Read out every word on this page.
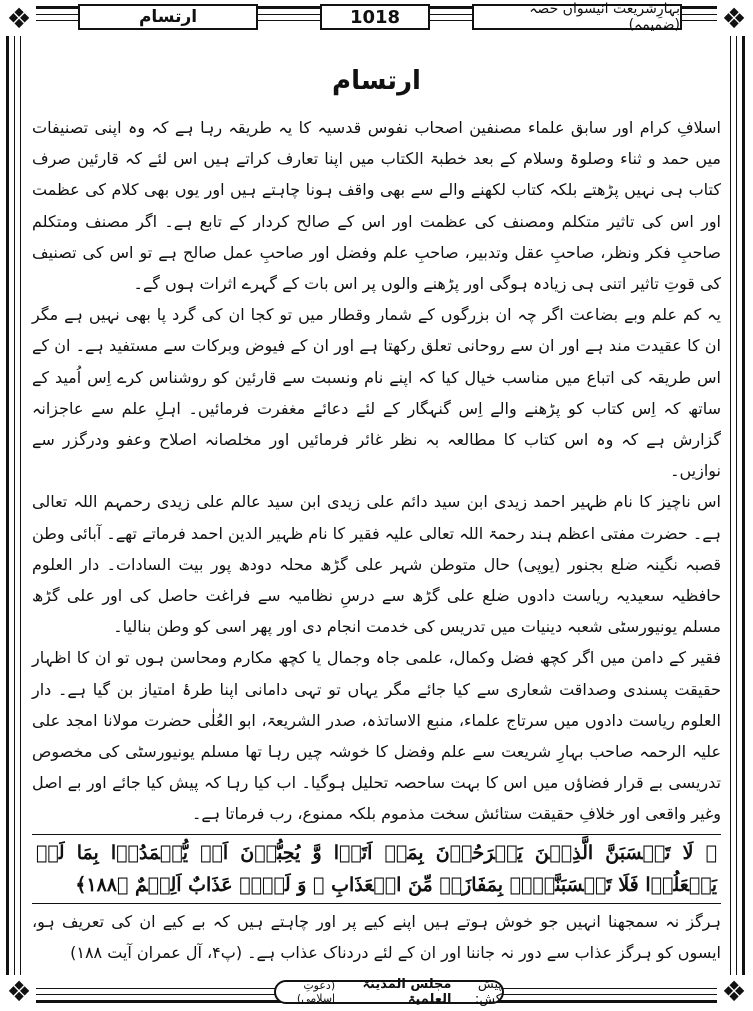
❖	❖
❖	❖
ارتسام	1018	بہارِشریعت انیسواں حصہ (ضمیمہ)
ارتسام

اسلافِ کرام اور سابق علماء مصنفین اصحاب نفوس قدسیہ کا یہ طریقہ رہا ہے کہ وہ اپنی تصنیفات میں حمد و ثناء وصلوۃ وسلام کے بعد خطبۃ الکتاب میں اپنا تعارف کراتے ہیں اس لئے کہ قارئین صرف کتاب ہی نہیں پڑھتے بلکہ کتاب لکھنے والے سے بھی واقف ہونا چاہتے ہیں اور یوں بھی کلام کی عظمت اور اس کی تاثیر متکلم ومصنف کی عظمت اور اس کے صالح کردار کے تابع ہے۔ اگر مصنف ومتکلم صاحبِ فکر ونظر، صاحبِ عقل وتدبیر، صاحبِ علم وفضل اور صاحبِ عمل صالح ہے تو اس کی تصنیف کی قوتِ تاثیر اتنی ہی زیادہ ہوگی اور پڑھنے والوں پر اس بات کے گہرے اثرات ہوں گے۔

یہ کم علم وبے بضاعت اگر چہ ان بزرگوں کے شمار وقطار میں تو کجا ان کی گرد پا بھی نہیں ہے مگر ان کا عقیدت مند ہے اور ان سے روحانی تعلق رکھتا ہے اور ان کے فیوض وبرکات سے مستفید ہے۔ ان کے اس طریقہ کی اتباع میں مناسب خیال کیا کہ اپنے نام ونسبت سے قارئین کو روشناس کرے اِس اُمید کے ساتھ کہ اِس کتاب کو پڑھنے والے اِس گنہگار کے لئے دعائے مغفرت فرمائیں۔ اہلِ علم سے عاجزانہ گزارش ہے کہ وہ اس کتاب کا مطالعہ بہ نظر غائر فرمائیں اور مخلصانہ اصلاح وعفو ودرگزر سے نوازیں۔

اس ناچیز کا نام ظہیر احمد زیدی ابن سید دائم علی زیدی ابن سید عالم علی زیدی رحمہم اللہ تعالی ہے۔ حضرت مفتی اعظم ہند رحمۃ اللہ تعالی علیہ فقیر کا نام ظہیر الدین احمد فرماتے تھے۔ آبائی وطن قصبہ نگینہ ضلع بجنور (یوپی) حال متوطن شہر علی گڑھ محلہ دودھ پور بیت السادات۔ دار العلوم حافظیہ سعیدیہ ریاست دادوں ضلع علی گڑھ سے درسِ نظامیہ سے فراغت حاصل کی اور علی گڑھ مسلم یونیورسٹی شعبہ دینیات میں تدریس کی خدمت انجام دی اور پھر اسی کو وطن بنالیا۔

فقیر کے دامن میں اگر کچھ فضل وکمال، علمی جاہ وجمال یا کچھ مکارم ومحاسن ہوں تو ان کا اظہار حقیقت پسندی وصداقت شعاری سے کیا جائے مگر یہاں تو تہی دامانی اپنا طرۂ امتیاز بن گیا ہے۔ دار العلوم ریاست دادوں میں سرتاج علماء، منبع الاساتذہ، صدر الشریعۃ، ابو العُلٰی حضرت مولانا امجد علی علیہ الرحمہ صاحب بہارِ شریعت سے علم وفضل کا خوشہ چیں رہا تھا مسلم یونیورسٹی کی مخصوص تدریسی بے قرار فضاؤں میں اس کا بہت ساحصہ تحلیل ہوگیا۔ اب کیا رہا کہ پیش کیا جائے اور بے اصل وغیر واقعی اور خلافِ حقیقت ستائش سخت مذموم بلکہ ممنوع، رب فرماتا ہے۔

﴿ لَا تَحۡسَبَنَّ الَّذِیۡنَ یَفۡرَحُوۡنَ بِمَاۤ اَتَوۡا وَّ یُحِبُّوۡنَ اَنۡ یُّحۡمَدُوۡا بِمَا لَمۡ یَفۡعَلُوۡا فَلَا تَحۡسَبَنَّہُمۡ بِمَفَازَۃٍ مِّنَ الۡعَذَابِ ۚ وَ لَہُمۡ عَذَابٌ اَلِیۡمٌ ﴿۱۸۸﴾

ہرگز نہ سمجھنا انہیں جو خوش ہوتے ہیں اپنے کیے پر اور چاہتے ہیں کہ بے کیے ان کی تعریف ہو، ایسوں کو ہرگز عذاب سے دور نہ جاننا اور ان کے لئے دردناک عذاب ہے۔ (پ۴، آل عمران آیت ۱۸۸)

پیش کش:
مجلس المدینۃ العلمیۃ
(دعوتِ اسلامی)
